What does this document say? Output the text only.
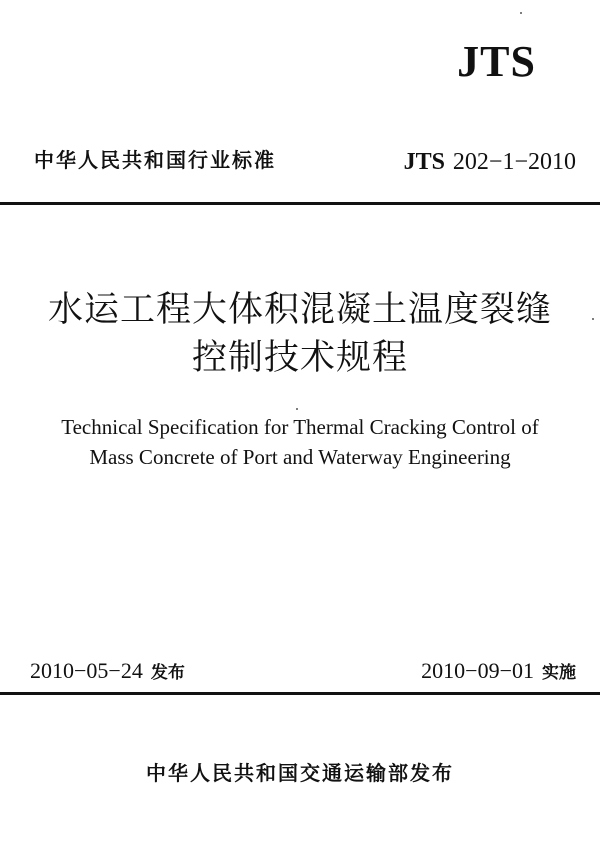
JTS
中华人民共和国行业标准	JTS 202−1−2010
水运工程大体积混凝土温度裂缝
控制技术规程
Technical Specification for Thermal Cracking Control of
Mass Concrete of Port and Waterway Engineering
2010−05−24 发布	2010−09−01 实施
中华人民共和国交通运输部发布
